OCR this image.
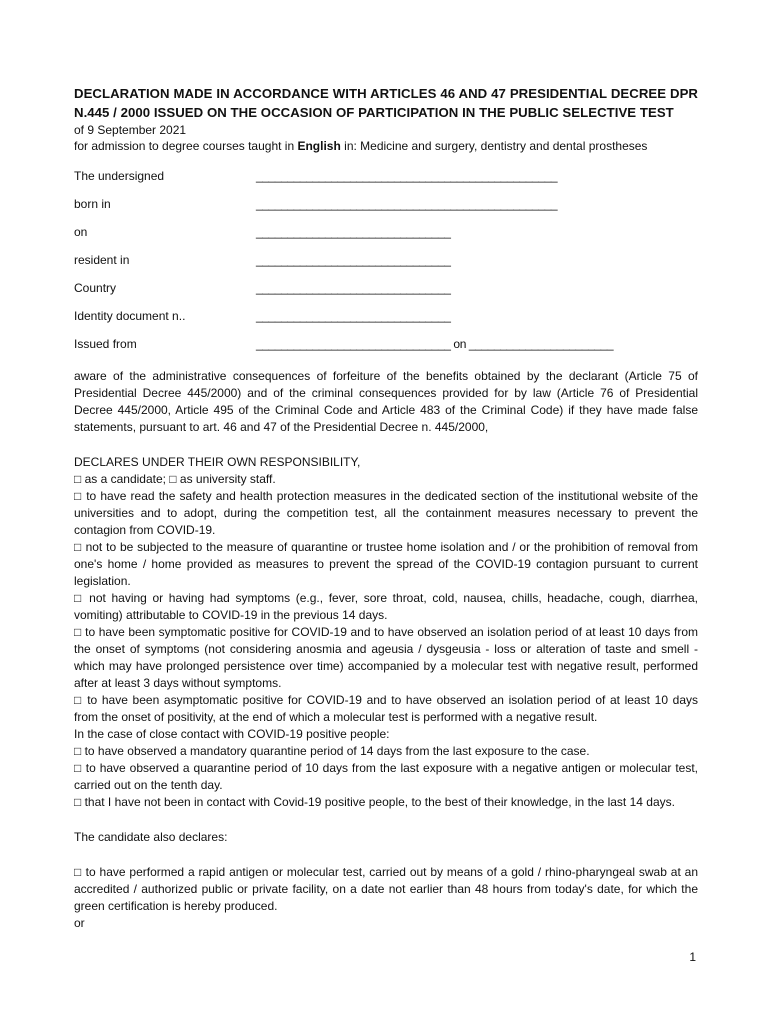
DECLARATION MADE IN ACCORDANCE WITH ARTICLES 46 AND 47 PRESIDENTIAL DECREE DPR N.445 / 2000 ISSUED ON THE OCCASION OF PARTICIPATION IN THE PUBLIC SELECTIVE TEST

of 9 September 2021

for admission to degree courses taught in English in: Medicine and surgery, dentistry and dental prostheses

The undersigned	________________________________________________
born in	________________________________________________
on	_______________________________
resident in	_______________________________
Country	_______________________________
Identity document n..	_______________________________
Issued from	_______________________________ on _______________________

aware of the administrative consequences of forfeiture of the benefits obtained by the declarant (Article 75 of Presidential Decree 445/2000) and of the criminal consequences provided for by law (Article 76 of Presidential Decree 445/2000, Article 495 of the Criminal Code and Article 483 of the Criminal Code) if they have made false statements, pursuant to art. 46 and 47 of the Presidential Decree n. 445/2000,

DECLARES UNDER THEIR OWN RESPONSIBILITY,

□ as a candidate; □ as university staff.

□ to have read the safety and health protection measures in the dedicated section of the institutional website of the universities and to adopt, during the competition test, all the containment measures necessary to prevent the contagion from COVID-19.

□ not to be subjected to the measure of quarantine or trustee home isolation and / or the prohibition of removal from one's home / home provided as measures to prevent the spread of the COVID-19 contagion pursuant to current legislation.

□ not having or having had symptoms (e.g., fever, sore throat, cold, nausea, chills, headache, cough, diarrhea, vomiting) attributable to COVID-19 in the previous 14 days.

□ to have been symptomatic positive for COVID-19 and to have observed an isolation period of at least 10 days from the onset of symptoms (not considering anosmia and ageusia / dysgeusia - loss or alteration of taste and smell - which may have prolonged persistence over time) accompanied by a molecular test with negative result, performed after at least 3 days without symptoms.

□ to have been asymptomatic positive for COVID-19 and to have observed an isolation period of at least 10 days from the onset of positivity, at the end of which a molecular test is performed with a negative result.

In the case of close contact with COVID-19 positive people:

□ to have observed a mandatory quarantine period of 14 days from the last exposure to the case.

□ to have observed a quarantine period of 10 days from the last exposure with a negative antigen or molecular test, carried out on the tenth day.

□ that I have not been in contact with Covid-19 positive people, to the best of their knowledge, in the last 14 days.

The candidate also declares:

□ to have performed a rapid antigen or molecular test, carried out by means of a gold / rhino-pharyngeal swab at an accredited / authorized public or private facility, on a date not earlier than 48 hours from today's date, for which the green certification is hereby produced.

or

1
